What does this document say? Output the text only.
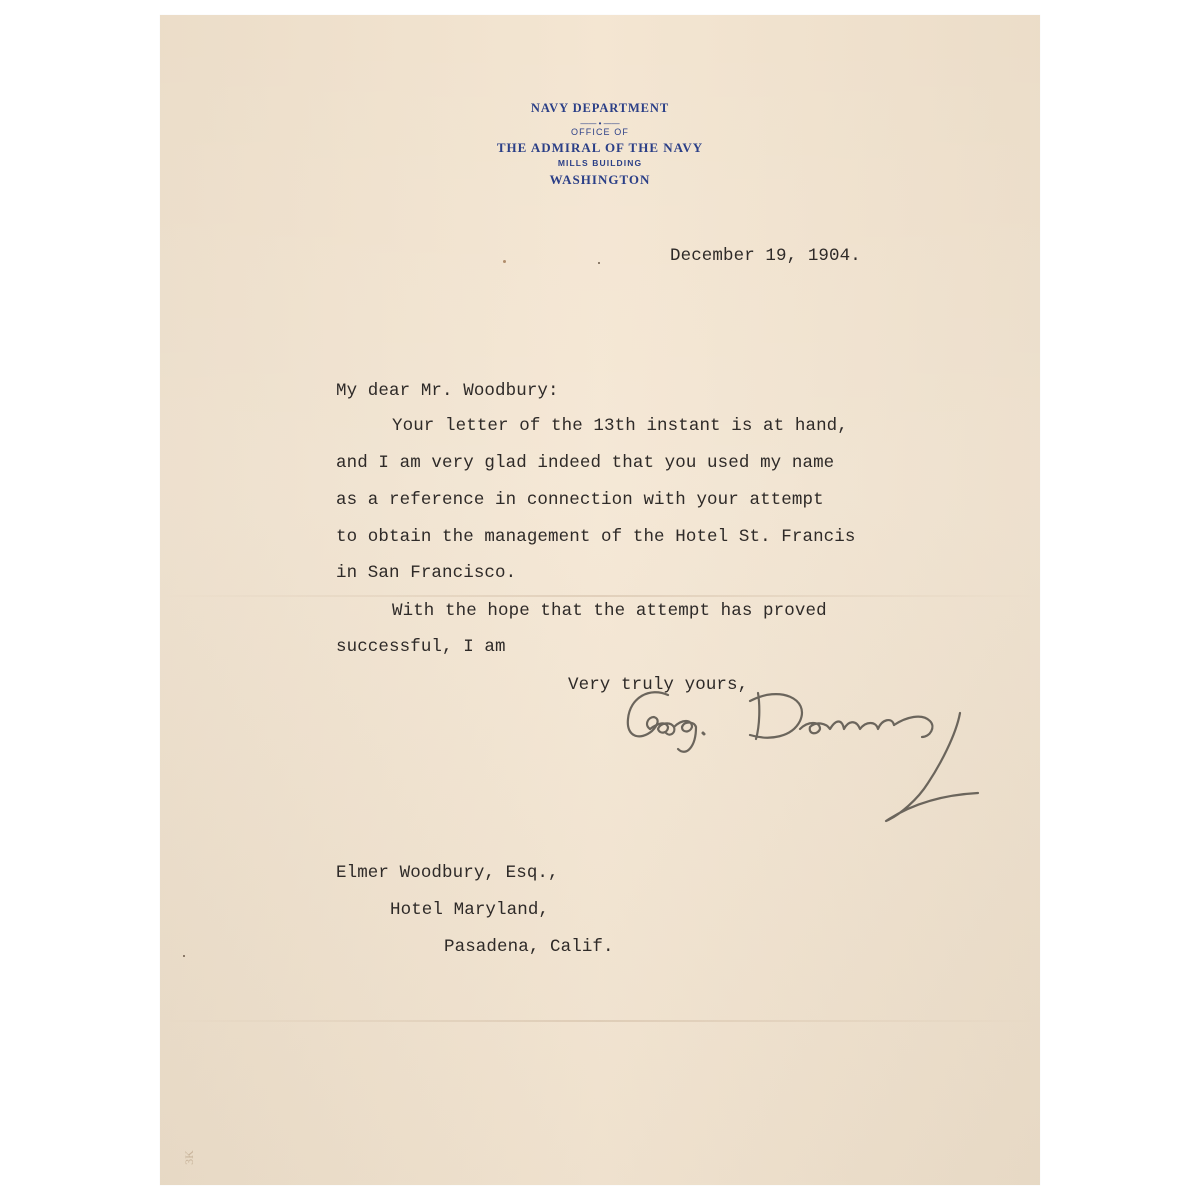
NAVY DEPARTMENT
—— • ——
OFFICE OF
THE ADMIRAL OF THE NAVY
MILLS BUILDING
WASHINGTON
December 19, 1904.
My dear Mr. Woodbury:
Your letter of the 13th instant is at hand,
and I am very glad indeed that you used my name
as a reference in connection with your attempt
to obtain the management of the Hotel St. Francis
in San Francisco.
With the hope that the attempt has proved
successful, I am
Very truly yours,
Elmer Woodbury, Esq.,
Hotel Maryland,
Pasadena, Calif.
3K
